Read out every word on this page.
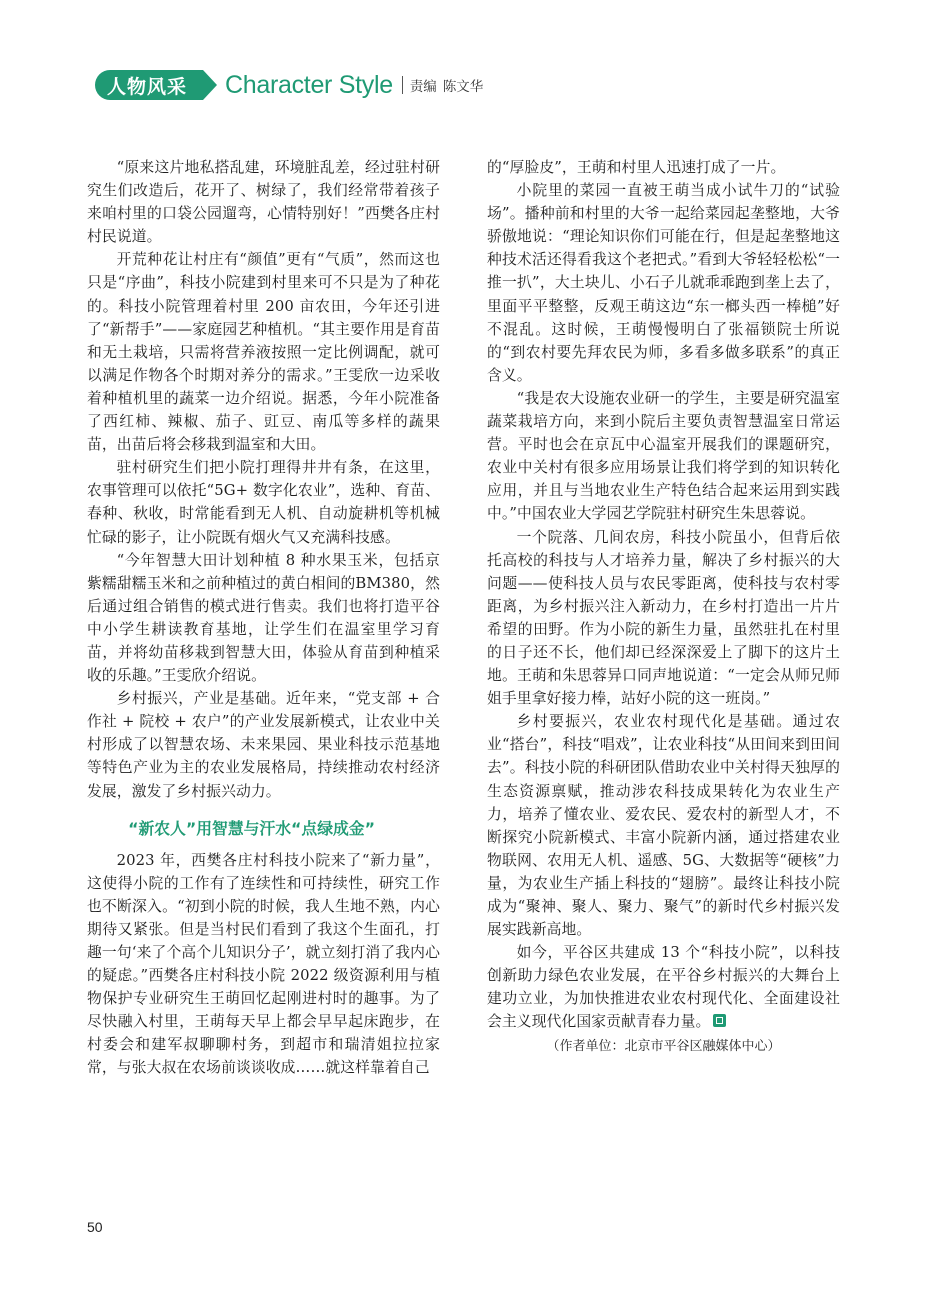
人物风采	Character Style 责编 陈文华

“原来这片地私搭乱建，环境脏乱差，经过驻村研究生们改造后，花开了、树绿了，我们经常带着孩子来咱村里的口袋公园遛弯，心情特别好！”西樊各庄村村民说道。

开荒种花让村庄有“颜值”更有“气质”，然而这也只是“序曲”，科技小院建到村里来可不只是为了种花的。科技小院管理着村里 200 亩农田，今年还引进了“新帮手”——家庭园艺种植机。“其主要作用是育苗和无土栽培，只需将营养液按照一定比例调配，就可以满足作物各个时期对养分的需求。”王雯欣一边采收着种植机里的蔬菜一边介绍说。据悉，今年小院准备了西红柿、辣椒、茄子、豇豆、南瓜等多样的蔬果苗，出苗后将会移栽到温室和大田。

驻村研究生们把小院打理得井井有条，在这里，农事管理可以依托“5G+ 数字化农业”，选种、育苗、春种、秋收，时常能看到无人机、自动旋耕机等机械忙碌的影子，让小院既有烟火气又充满科技感。

“今年智慧大田计划种植 8 种水果玉米，包括京紫糯甜糯玉米和之前种植过的黄白相间的BM380，然后通过组合销售的模式进行售卖。我们也将打造平谷中小学生耕读教育基地，让学生们在温室里学习育苗，并将幼苗移栽到智慧大田，体验从育苗到种植采收的乐趣。”王雯欣介绍说。

乡村振兴，产业是基础。近年来，“党支部 + 合作社 + 院校 + 农户”的产业发展新模式，让农业中关村形成了以智慧农场、未来果园、果业科技示范基地等特色产业为主的农业发展格局，持续推动农村经济发展，激发了乡村振兴动力。

“新农人”用智慧与汗水“点绿成金”

2023 年，西樊各庄村科技小院来了“新力量”，这使得小院的工作有了连续性和可持续性，研究工作也不断深入。“初到小院的时候，我人生地不熟，内心期待又紧张。但是当村民们看到了我这个生面孔，打趣一句‘来了个高个儿知识分子’，就立刻打消了我内心的疑虑。”西樊各庄村科技小院 2022 级资源利用与植物保护专业研究生王萌回忆起刚进村时的趣事。为了尽快融入村里，王萌每天早上都会早早起床跑步，在村委会和建军叔聊聊村务，到超市和瑞清姐拉拉家常，与张大叔在农场前谈谈收成……就这样靠着自己

的“厚脸皮”，王萌和村里人迅速打成了一片。

小院里的菜园一直被王萌当成小试牛刀的“试验场”。播种前和村里的大爷一起给菜园起垄整地，大爷骄傲地说：“理论知识你们可能在行，但是起垄整地这种技术活还得看我这个老把式。”看到大爷轻轻松松“一推一扒”，大土块儿、小石子儿就乖乖跑到垄上去了，里面平平整整，反观王萌这边“东一榔头西一棒槌”好不混乱。这时候，王萌慢慢明白了张福锁院士所说的“到农村要先拜农民为师，多看多做多联系”的真正含义。

“我是农大设施农业研一的学生，主要是研究温室蔬菜栽培方向，来到小院后主要负责智慧温室日常运营。平时也会在京瓦中心温室开展我们的课题研究，农业中关村有很多应用场景让我们将学到的知识转化应用，并且与当地农业生产特色结合起来运用到实践中。”中国农业大学园艺学院驻村研究生朱思蓉说。

一个院落、几间农房，科技小院虽小，但背后依托高校的科技与人才培养力量，解决了乡村振兴的大问题——使科技人员与农民零距离，使科技与农村零距离，为乡村振兴注入新动力，在乡村打造出一片片希望的田野。作为小院的新生力量，虽然驻扎在村里的日子还不长，他们却已经深深爱上了脚下的这片土地。王萌和朱思蓉异口同声地说道：“一定会从师兄师姐手里拿好接力棒，站好小院的这一班岗。”

乡村要振兴，农业农村现代化是基础。通过农业“搭台”，科技“唱戏”，让农业科技“从田间来到田间去”。科技小院的科研团队借助农业中关村得天独厚的生态资源禀赋，推动涉农科技成果转化为农业生产力，培养了懂农业、爱农民、爱农村的新型人才，不断探究小院新模式、丰富小院新内涵，通过搭建农业物联网、农用无人机、遥感、5G、大数据等“硬核”力量，为农业生产插上科技的“翅膀”。最终让科技小院成为“聚神、聚人、聚力、聚气”的新时代乡村振兴发展实践新高地。

如今，平谷区共建成 13 个“科技小院”，以科技创新助力绿色农业发展，在平谷乡村振兴的大舞台上建功立业，为加快推进农业农村现代化、全面建设社会主义现代化国家贡献青春力量。

（作者单位：北京市平谷区融媒体中心）

50
